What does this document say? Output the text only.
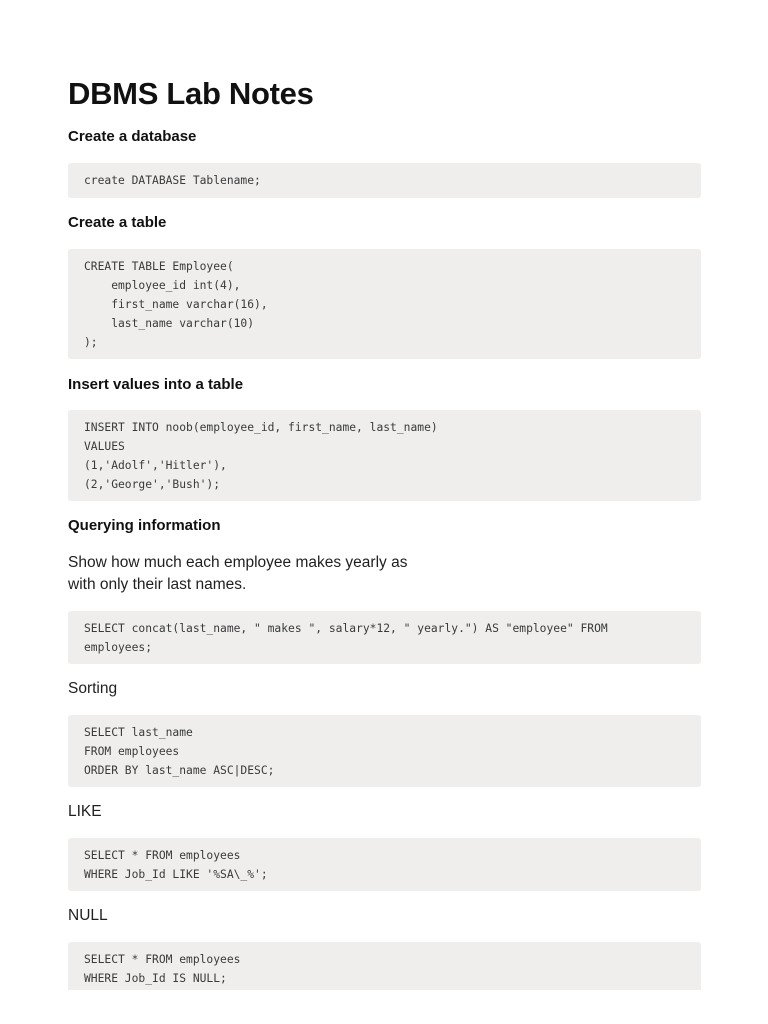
DBMS Lab Notes
Create a database
create DATABASE Tablename;
Create a table
CREATE TABLE Employee(
employee_id int(4),
first_name varchar(16),
last_name varchar(10)
);
Insert values into a table
INSERT INTO noob(employee_id, first_name, last_name)
VALUES
(1,'Adolf','Hitler'),
(2,'George','Bush');
Querying information

Show how much each employee makes yearly as
with only their last names.

SELECT concat(last_name, " makes ", salary*12, " yearly.") AS "employee" FROM
employees;

Sorting

SELECT last_name
FROM employees
ORDER BY last_name ASC|DESC;

LIKE

SELECT * FROM employees
WHERE Job_Id LIKE '%SA\_%';

NULL

SELECT * FROM employees
WHERE Job_Id IS NULL;
